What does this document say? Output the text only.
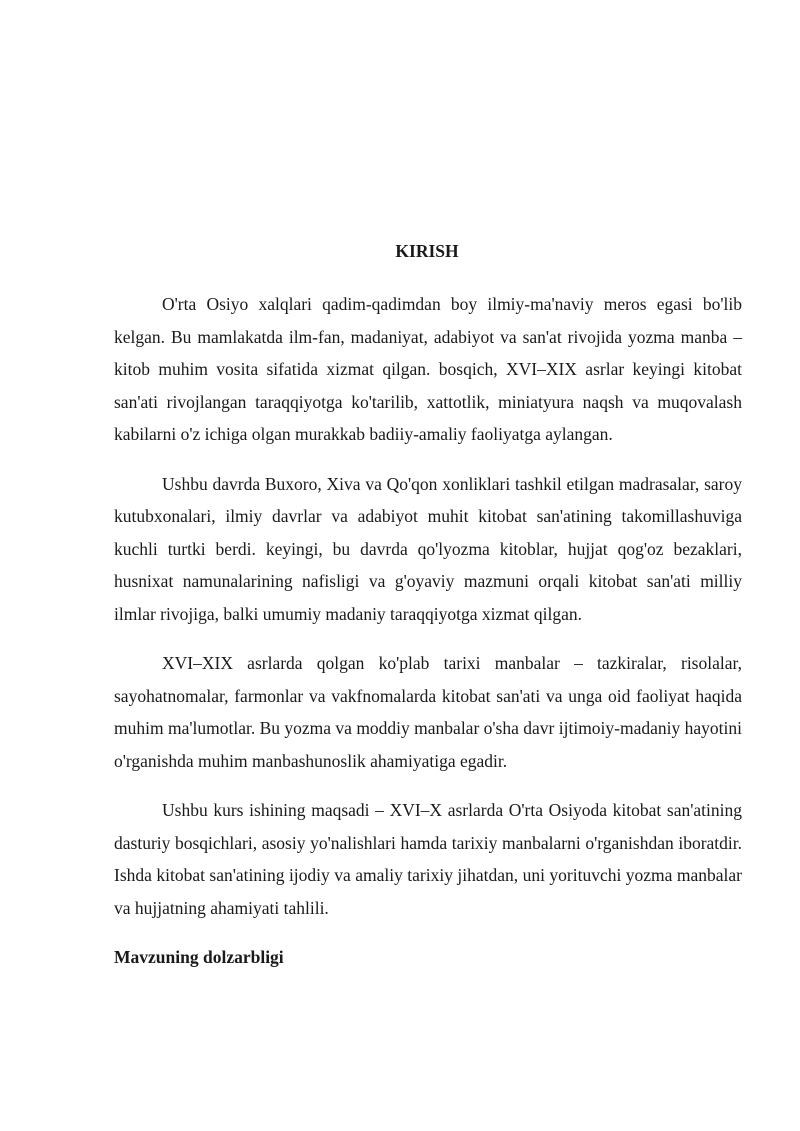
KIRISH

O'rta Osiyo xalqlari qadim-qadimdan boy ilmiy-ma'naviy meros egasi bo'lib kelgan. Bu mamlakatda ilm-fan, madaniyat, adabiyot va san'at rivojida yozma manba – kitob muhim vosita sifatida xizmat qilgan. bosqich, XVI–XIX asrlar keyingi kitobat san'ati rivojlangan taraqqiyotga ko'tarilib, xattotlik, miniatyura naqsh va muqovalash kabilarni o'z ichiga olgan murakkab badiiy-amaliy faoliyatga aylangan.

Ushbu davrda Buxoro, Xiva va Qo'qon xonliklari tashkil etilgan madrasalar, saroy kutubxonalari, ilmiy davrlar va adabiyot muhit kitobat san'atining takomillashuviga kuchli turtki berdi. keyingi, bu davrda qo'lyozma kitoblar, hujjat qog'oz bezaklari, husnixat namunalarining nafisligi va g'oyaviy mazmuni orqali kitobat san'ati milliy ilmlar rivojiga, balki umumiy madaniy taraqqiyotga xizmat qilgan.

XVI–XIX asrlarda qolgan ko'plab tarixi manbalar – tazkiralar, risolalar, sayohatnomalar, farmonlar va vakfnomalarda kitobat san'ati va unga oid faoliyat haqida muhim ma'lumotlar. Bu yozma va moddiy manbalar o'sha davr ijtimoiy-madaniy hayotini o'rganishda muhim manbashunoslik ahamiyatiga egadir.

Ushbu kurs ishining maqsadi – XVI–X asrlarda O'rta Osiyoda kitobat san'atining dasturiy bosqichlari, asosiy yo'nalishlari hamda tarixiy manbalarni o'rganishdan iboratdir. Ishda kitobat san'atining ijodiy va amaliy tarixiy jihatdan, uni yorituvchi yozma manbalar va hujjatning ahamiyati tahlili.

Mavzuning dolzarbligi
